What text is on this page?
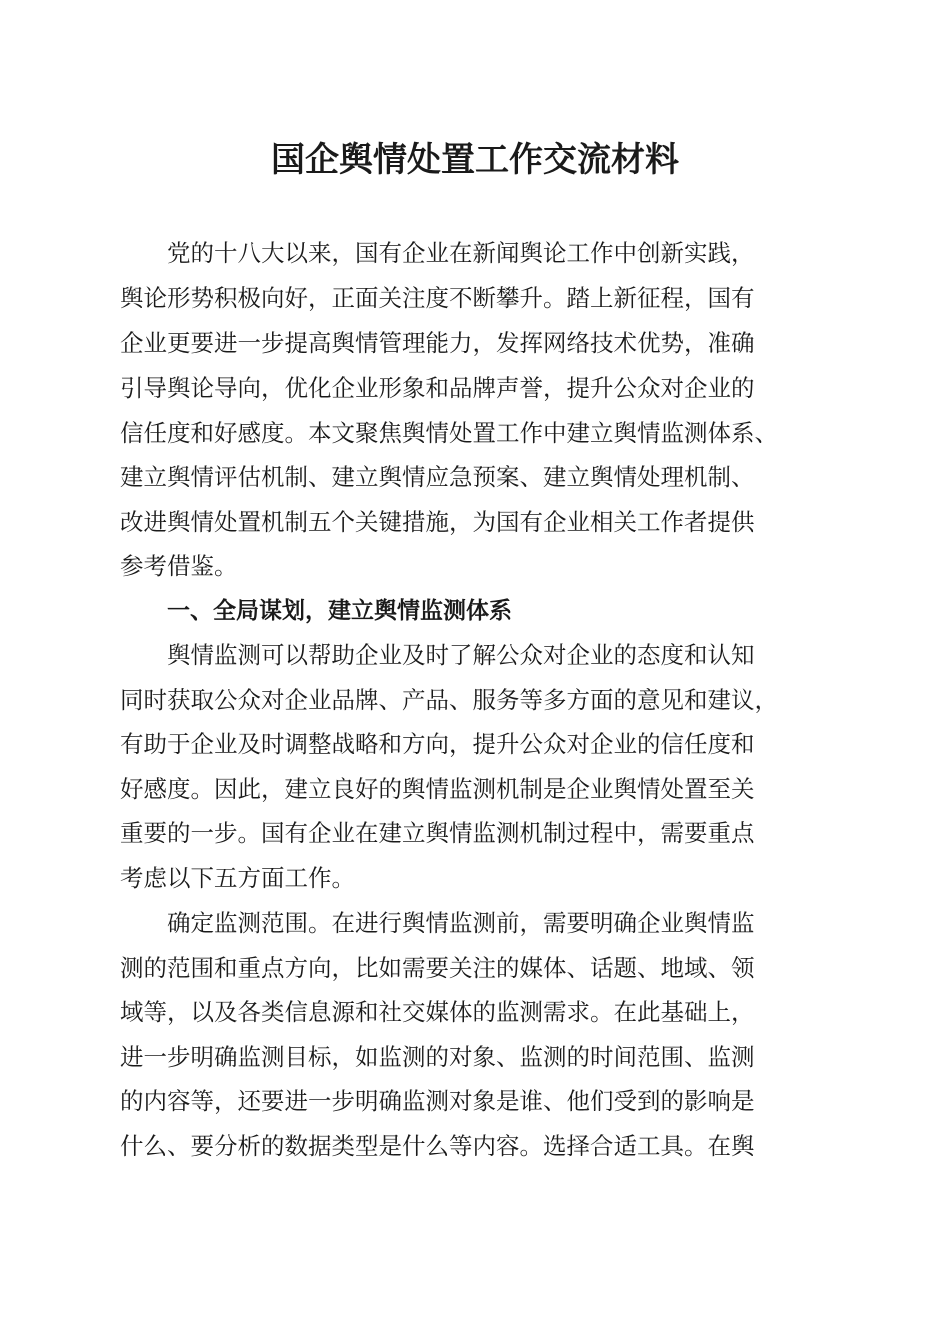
国企舆情处置工作交流材料

党的十八大以来，国有企业在新闻舆论工作中创新实践，

舆论形势积极向好，正面关注度不断攀升。踏上新征程，国有

企业更要进一步提高舆情管理能力，发挥网络技术优势，准确

引导舆论导向，优化企业形象和品牌声誉，提升公众对企业的

信任度和好感度。本文聚焦舆情处置工作中建立舆情监测体系、

建立舆情评估机制、建立舆情应急预案、建立舆情处理机制、

改进舆情处置机制五个关键措施，为国有企业相关工作者提供

参考借鉴。

一、全局谋划，建立舆情监测体系

舆情监测可以帮助企业及时了解公众对企业的态度和认知

同时获取公众对企业品牌、产品、服务等多方面的意见和建议，

有助于企业及时调整战略和方向，提升公众对企业的信任度和

好感度。因此，建立良好的舆情监测机制是企业舆情处置至关

重要的一步。国有企业在建立舆情监测机制过程中，需要重点

考虑以下五方面工作。

确定监测范围。在进行舆情监测前，需要明确企业舆情监

测的范围和重点方向，比如需要关注的媒体、话题、地域、领

域等，以及各类信息源和社交媒体的监测需求。在此基础上，

进一步明确监测目标，如监测的对象、监测的时间范围、监测

的内容等，还要进一步明确监测对象是谁、他们受到的影响是

什么、要分析的数据类型是什么等内容。选择合适工具。在舆
